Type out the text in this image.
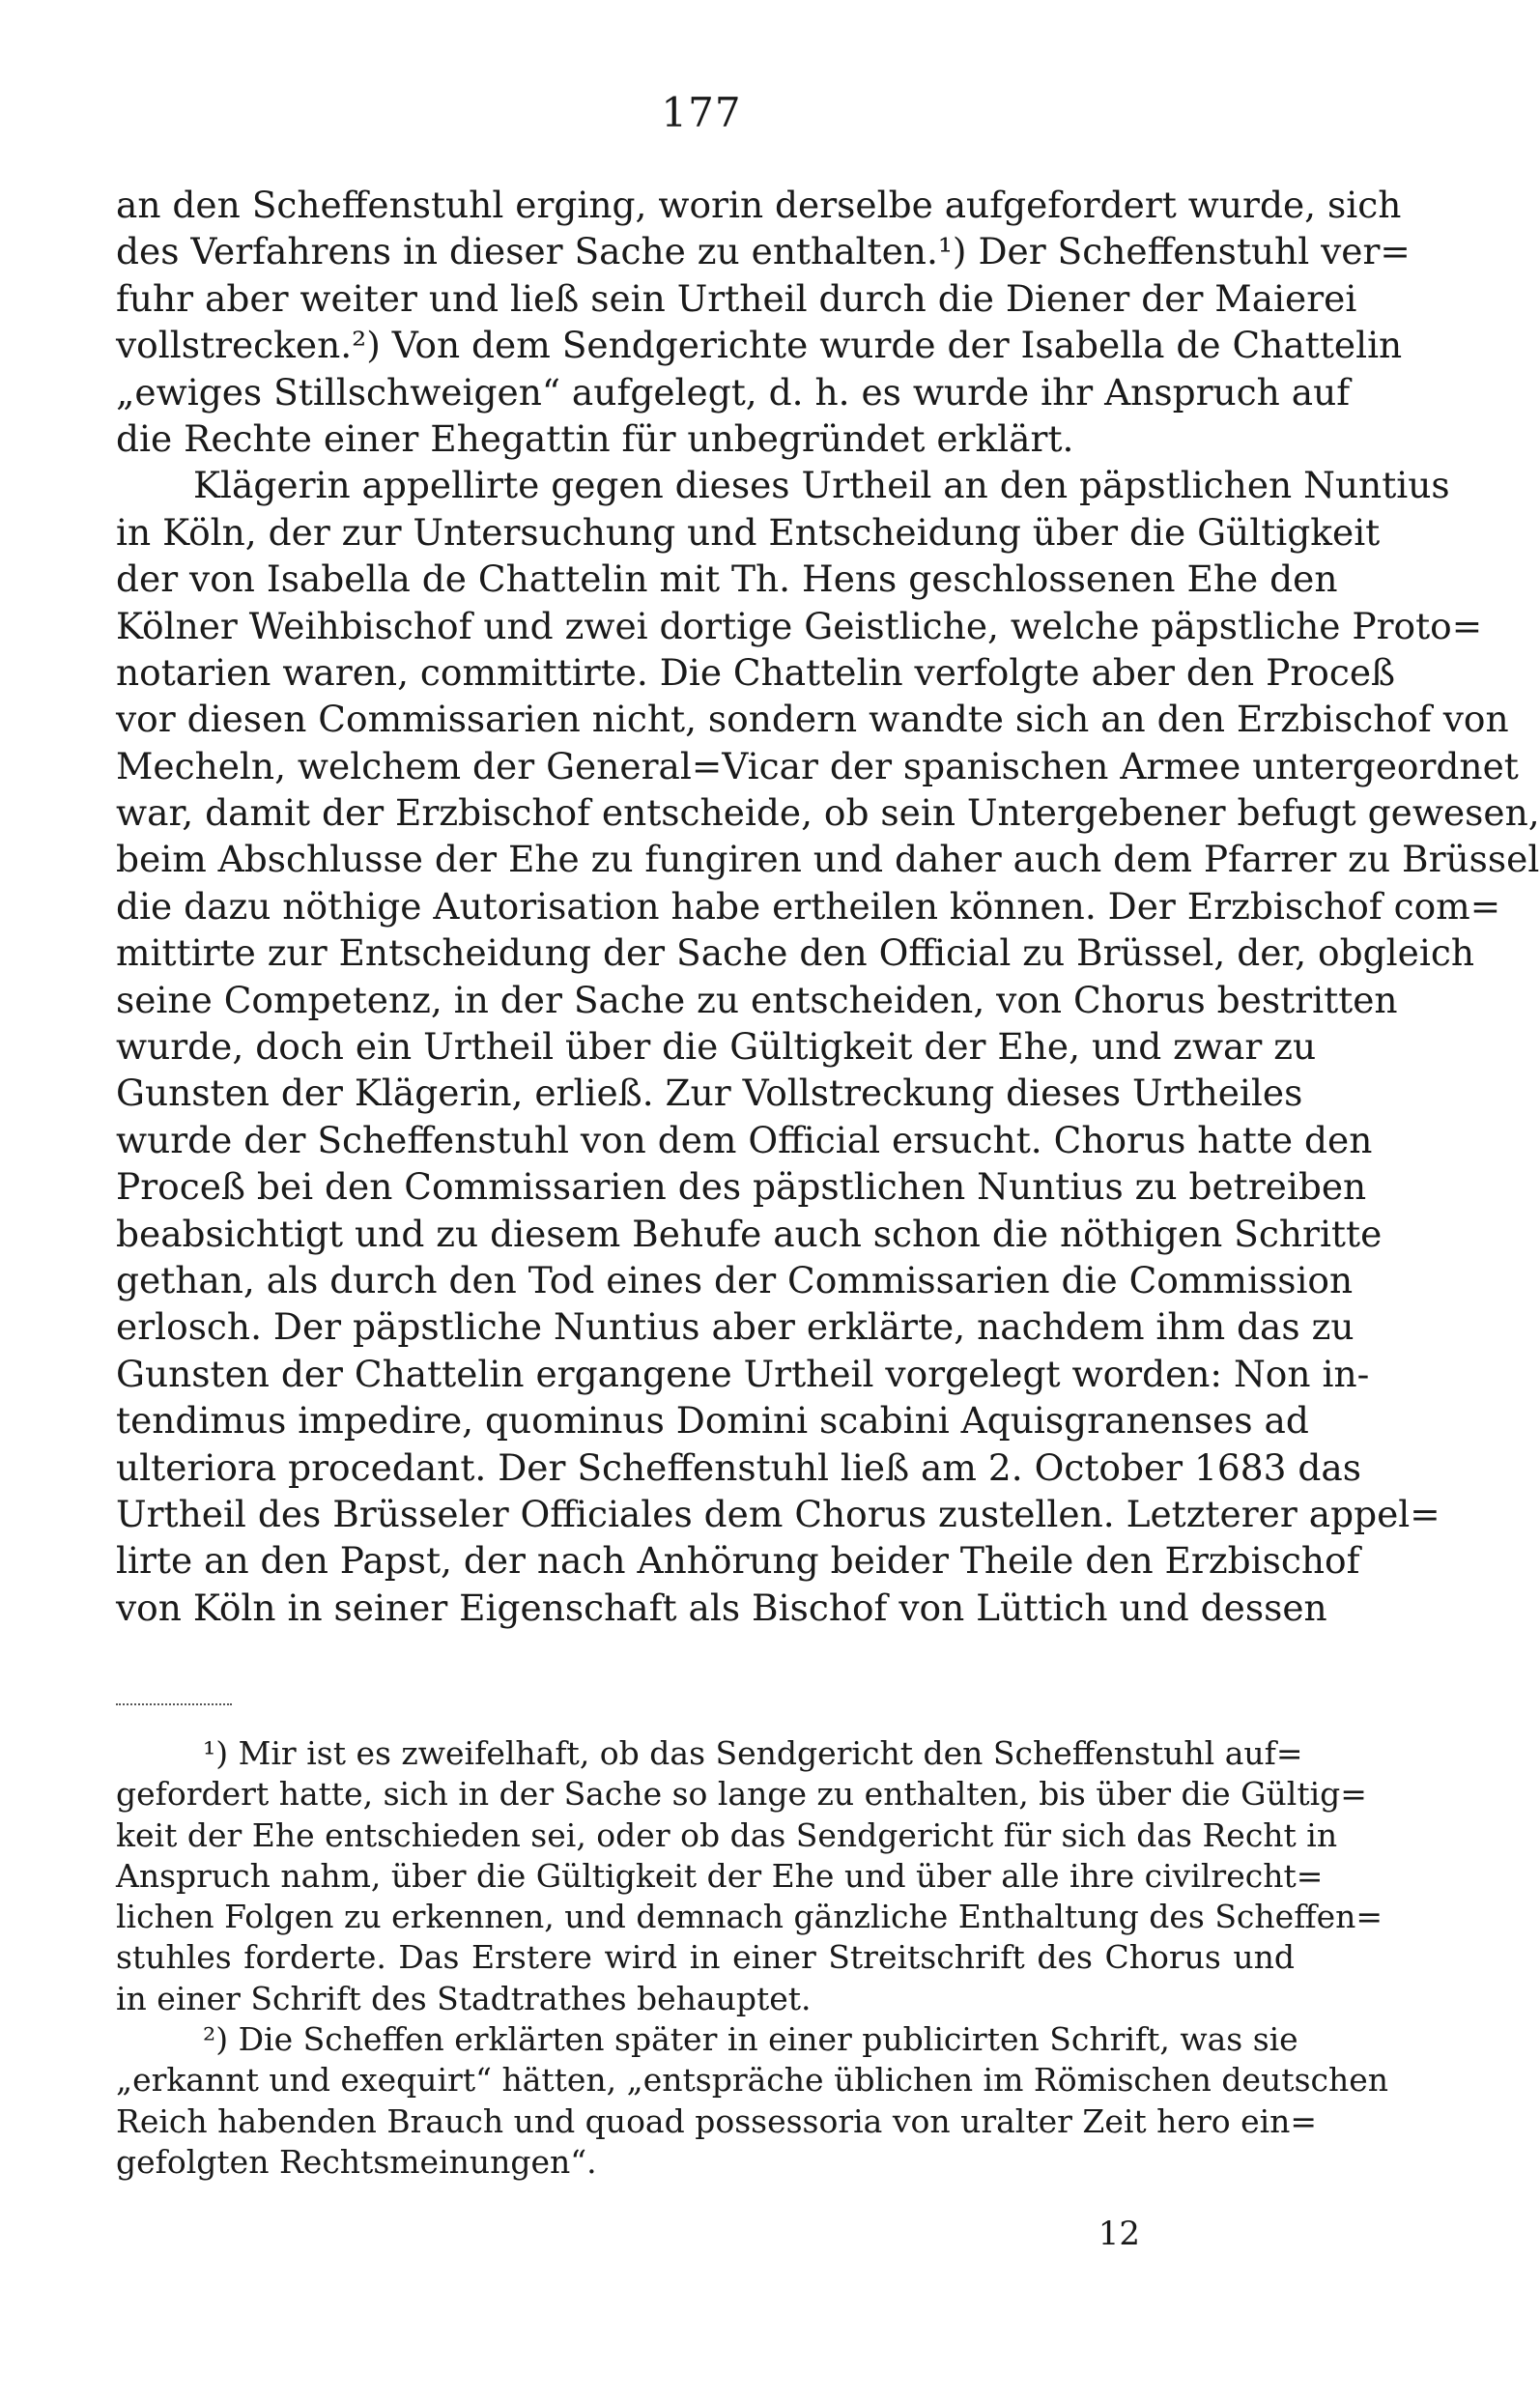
177
an den Scheffenstuhl erging, worin derselbe aufgefordert wurde, sich
des Verfahrens in dieser Sache zu enthalten.¹) Der Scheffenstuhl ver=
fuhr aber weiter und ließ sein Urtheil durch die Diener der Maierei
vollstrecken.²) Von dem Sendgerichte wurde der Isabella de Chattelin
„ewiges Stillschweigen“ aufgelegt, d. h. es wurde ihr Anspruch auf
die Rechte einer Ehegattin für unbegründet erklärt.
Klägerin appellirte gegen dieses Urtheil an den päpstlichen Nuntius
in Köln, der zur Untersuchung und Entscheidung über die Gültigkeit
der von Isabella de Chattelin mit Th. Hens geschlossenen Ehe den
Kölner Weihbischof und zwei dortige Geistliche, welche päpstliche Proto=
notarien waren, committirte. Die Chattelin verfolgte aber den Proceß
vor diesen Commissarien nicht, sondern wandte sich an den Erzbischof von
Mecheln, welchem der General=Vicar der spanischen Armee untergeordnet
war, damit der Erzbischof entscheide, ob sein Untergebener befugt gewesen,
beim Abschlusse der Ehe zu fungiren und daher auch dem Pfarrer zu Brüssel
die dazu nöthige Autorisation habe ertheilen können. Der Erzbischof com=
mittirte zur Entscheidung der Sache den Official zu Brüssel, der, obgleich
seine Competenz, in der Sache zu entscheiden, von Chorus bestritten
wurde, doch ein Urtheil über die Gültigkeit der Ehe, und zwar zu
Gunsten der Klägerin, erließ. Zur Vollstreckung dieses Urtheiles
wurde der Scheffenstuhl von dem Official ersucht. Chorus hatte den
Proceß bei den Commissarien des päpstlichen Nuntius zu betreiben
beabsichtigt und zu diesem Behufe auch schon die nöthigen Schritte
gethan, als durch den Tod eines der Commissarien die Commission
erlosch. Der päpstliche Nuntius aber erklärte, nachdem ihm das zu
Gunsten der Chattelin ergangene Urtheil vorgelegt worden: Non in-
tendimus impedire, quominus Domini scabini Aquisgranenses ad
ulteriora procedant. Der Scheffenstuhl ließ am 2. October 1683 das
Urtheil des Brüsseler Officiales dem Chorus zustellen. Letzterer appel=
lirte an den Papst, der nach Anhörung beider Theile den Erzbischof
von Köln in seiner Eigenschaft als Bischof von Lüttich und dessen
¹) Mir ist es zweifelhaft, ob das Sendgericht den Scheffenstuhl auf=
gefordert hatte, sich in der Sache so lange zu enthalten, bis über die Gültig=
keit der Ehe entschieden sei, oder ob das Sendgericht für sich das Recht in
Anspruch nahm, über die Gültigkeit der Ehe und über alle ihre civilrecht=
lichen Folgen zu erkennen, und demnach gänzliche Enthaltung des Scheffen=
stuhles forderte. Das Erstere wird in einer Streitschrift des Chorus und
in einer Schrift des Stadtrathes behauptet.
²) Die Scheffen erklärten später in einer publicirten Schrift, was sie
„erkannt und exequirt“ hätten, „entspräche üblichen im Römischen deutschen
Reich habenden Brauch und quoad possessoria von uralter Zeit hero ein=
gefolgten Rechtsmeinungen“.
12
